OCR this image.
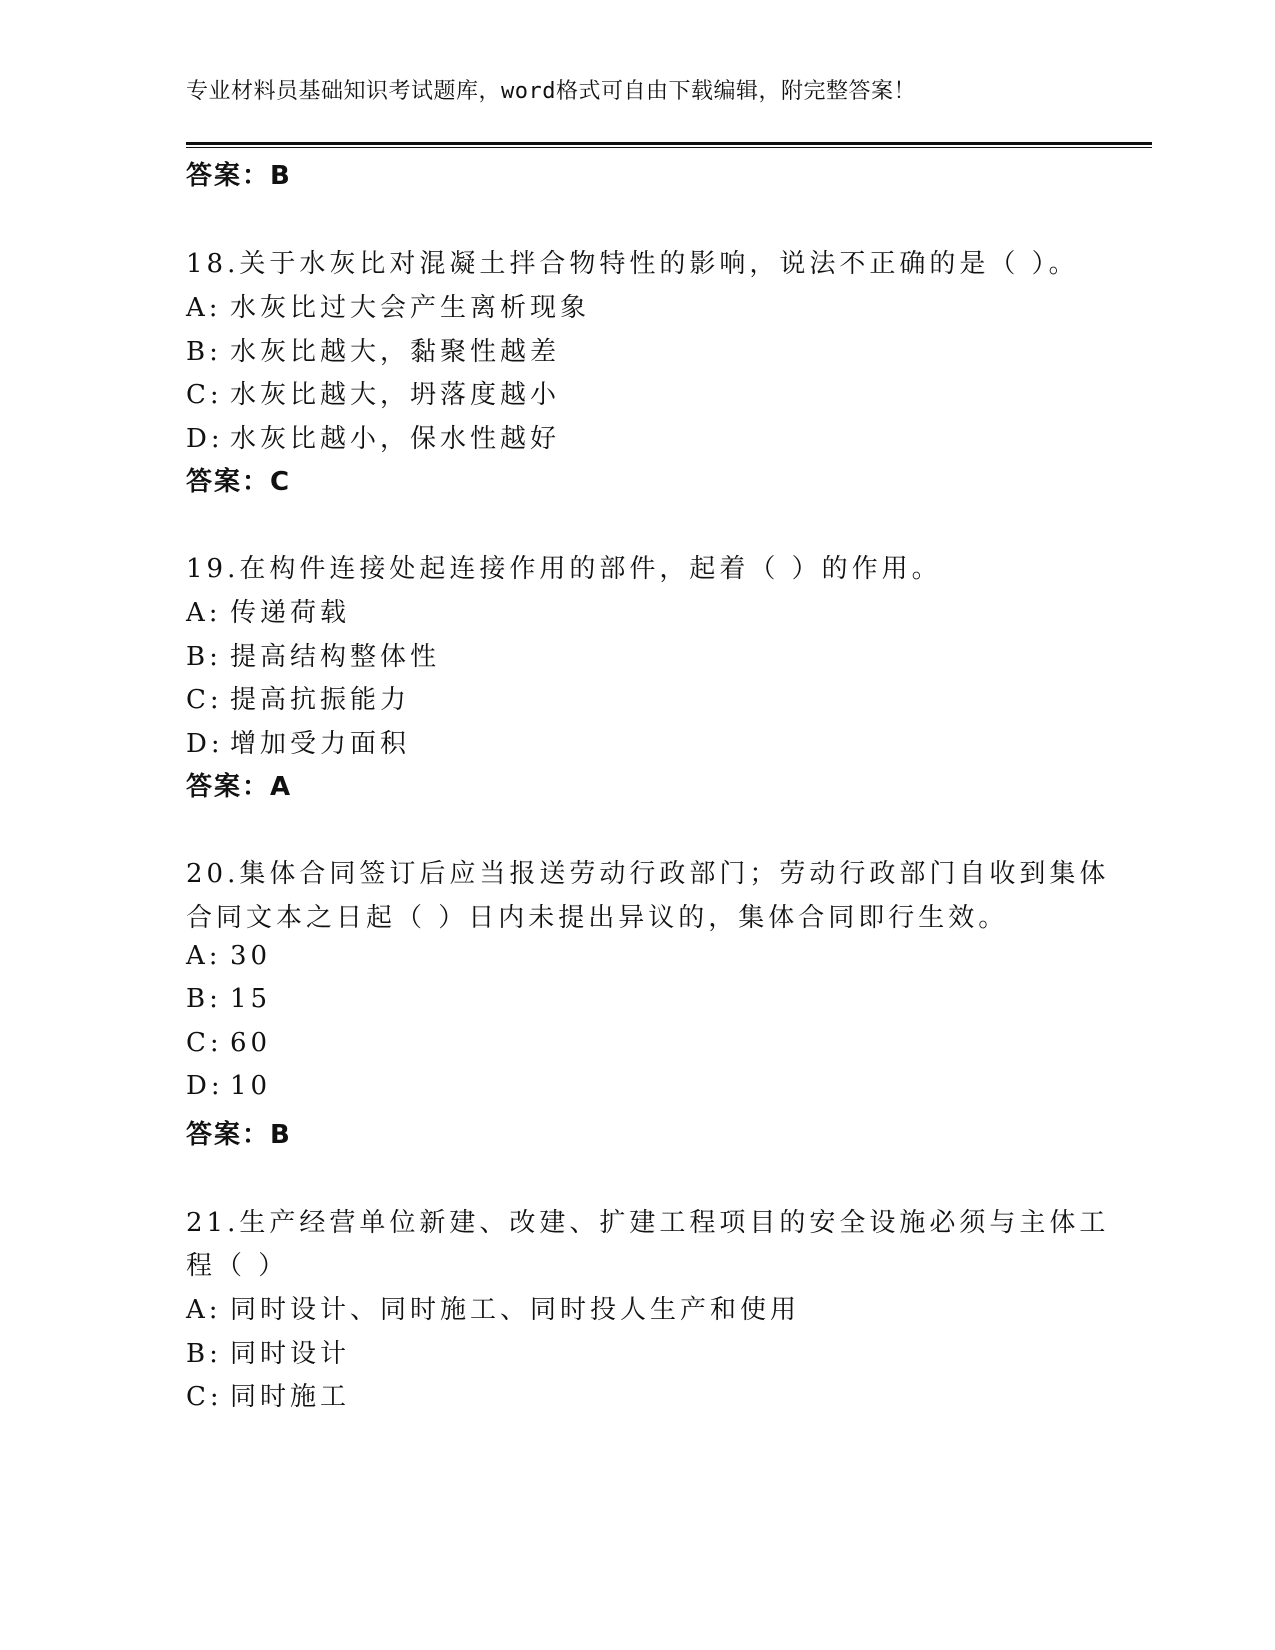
专业材料员基础知识考试题库，word格式可自由下载编辑，附完整答案！
答案：B
18.关于水灰比对混凝土拌合物特性的影响，说法不正确的是（ ）。
A: 水灰比过大会产生离析现象
B: 水灰比越大，黏聚性越差
C: 水灰比越大，坍落度越小
D: 水灰比越小，保水性越好
答案：C
19.在构件连接处起连接作用的部件，起着（ ）的作用。
A: 传递荷载
B: 提高结构整体性
C: 提高抗振能力
D: 增加受力面积
答案：A
20.集体合同签订后应当报送劳动行政部门；劳动行政部门自收到集体
合同文本之日起（ ）日内未提出异议的，集体合同即行生效。
A: 30
B: 15
C: 60
D: 10
答案：B
21.生产经营单位新建、改建、扩建工程项目的安全设施必须与主体工
程（ ）
A: 同时设计、同时施工、同时投人生产和使用
B: 同时设计
C: 同时施工
